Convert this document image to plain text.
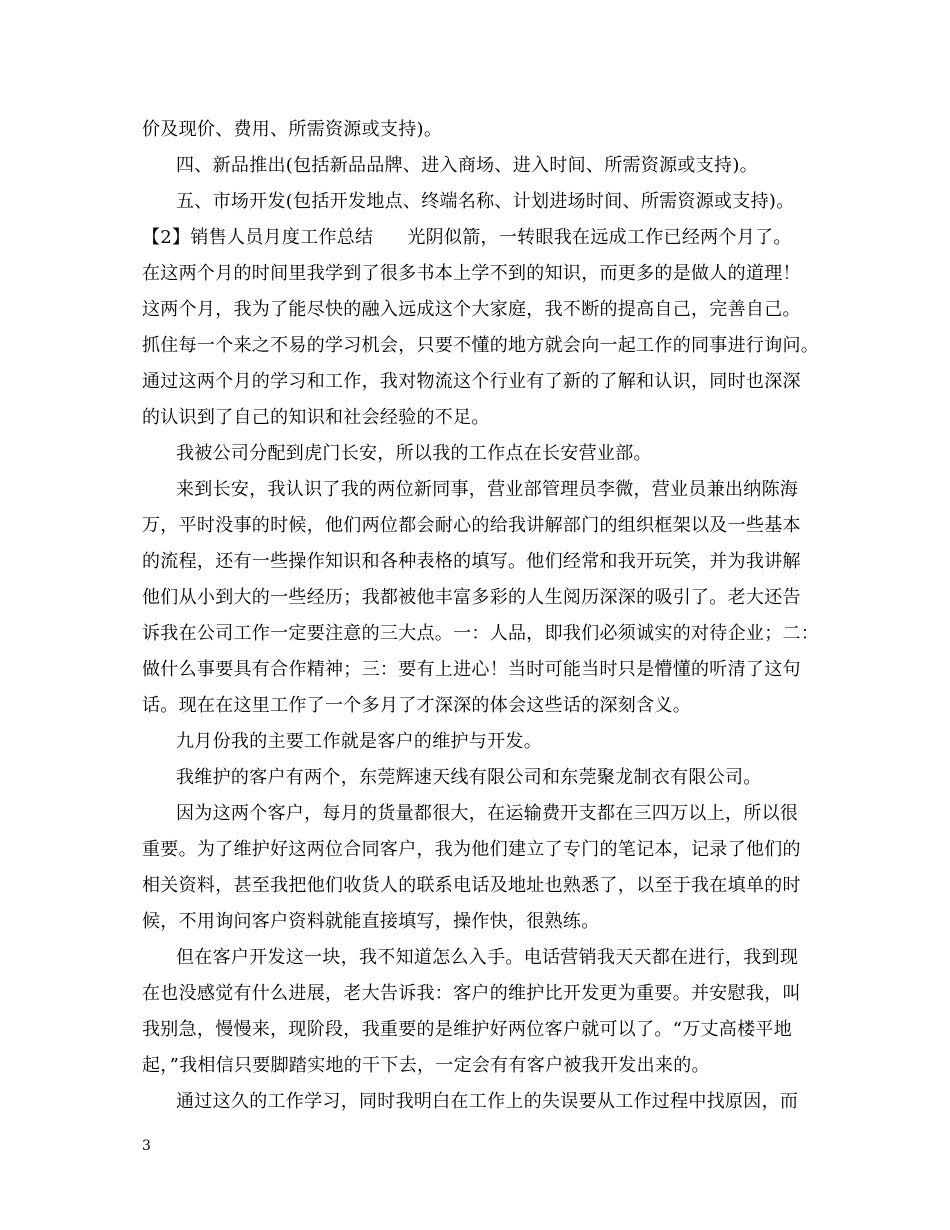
价及现价、费用、所需资源或支持)。
四、新品推出(包括新品品牌、进入商场、进入时间、所需资源或支持)。
五、市场开发(包括开发地点、终端名称、计划进场时间、所需资源或支持)。
【2】销售人员月度工作总结 光阴似箭，一转眼我在远成工作已经两个月了。
在这两个月的时间里我学到了很多书本上学不到的知识，而更多的是做人的道理！
这两个月，我为了能尽快的融入远成这个大家庭，我不断的提高自己，完善自己。
抓住每一个来之不易的学习机会，只要不懂的地方就会向一起工作的同事进行询问。
通过这两个月的学习和工作，我对物流这个行业有了新的了解和认识，同时也深深
的认识到了自己的知识和社会经验的不足。
我被公司分配到虎门长安，所以我的工作点在长安营业部。
来到长安，我认识了我的两位新同事，营业部管理员李微，营业员兼出纳陈海
万，平时没事的时候，他们两位都会耐心的给我讲解部门的组织框架以及一些基本
的流程，还有一些操作知识和各种表格的填写。他们经常和我开玩笑，并为我讲解
他们从小到大的一些经历；我都被他丰富多彩的人生阅历深深的吸引了。老大还告
诉我在公司工作一定要注意的三大点。一：人品，即我们必须诚实的对待企业；二：
做什么事要具有合作精神；三：要有上进心！当时可能当时只是懵懂的听清了这句
话。现在在这里工作了一个多月了才深深的体会这些话的深刻含义。
九月份我的主要工作就是客户的维护与开发。
我维护的客户有两个，东莞辉速天线有限公司和东莞聚龙制衣有限公司。
因为这两个客户，每月的货量都很大，在运输费开支都在三四万以上，所以很
重要。为了维护好这两位合同客户，我为他们建立了专门的笔记本，记录了他们的
相关资料，甚至我把他们收货人的联系电话及地址也熟悉了，以至于我在填单的时
候，不用询问客户资料就能直接填写，操作快，很熟练。
但在客户开发这一块，我不知道怎么入手。电话营销我天天都在进行，我到现
在也没感觉有什么进展，老大告诉我：客户的维护比开发更为重要。并安慰我，叫
我别急，慢慢来，现阶段，我重要的是维护好两位客户就可以了。“万丈高楼平地
起，”我相信只要脚踏实地的干下去，一定会有有客户被我开发出来的。
通过这久的工作学习，同时我明白在工作上的失误要从工作过程中找原因，而
3
